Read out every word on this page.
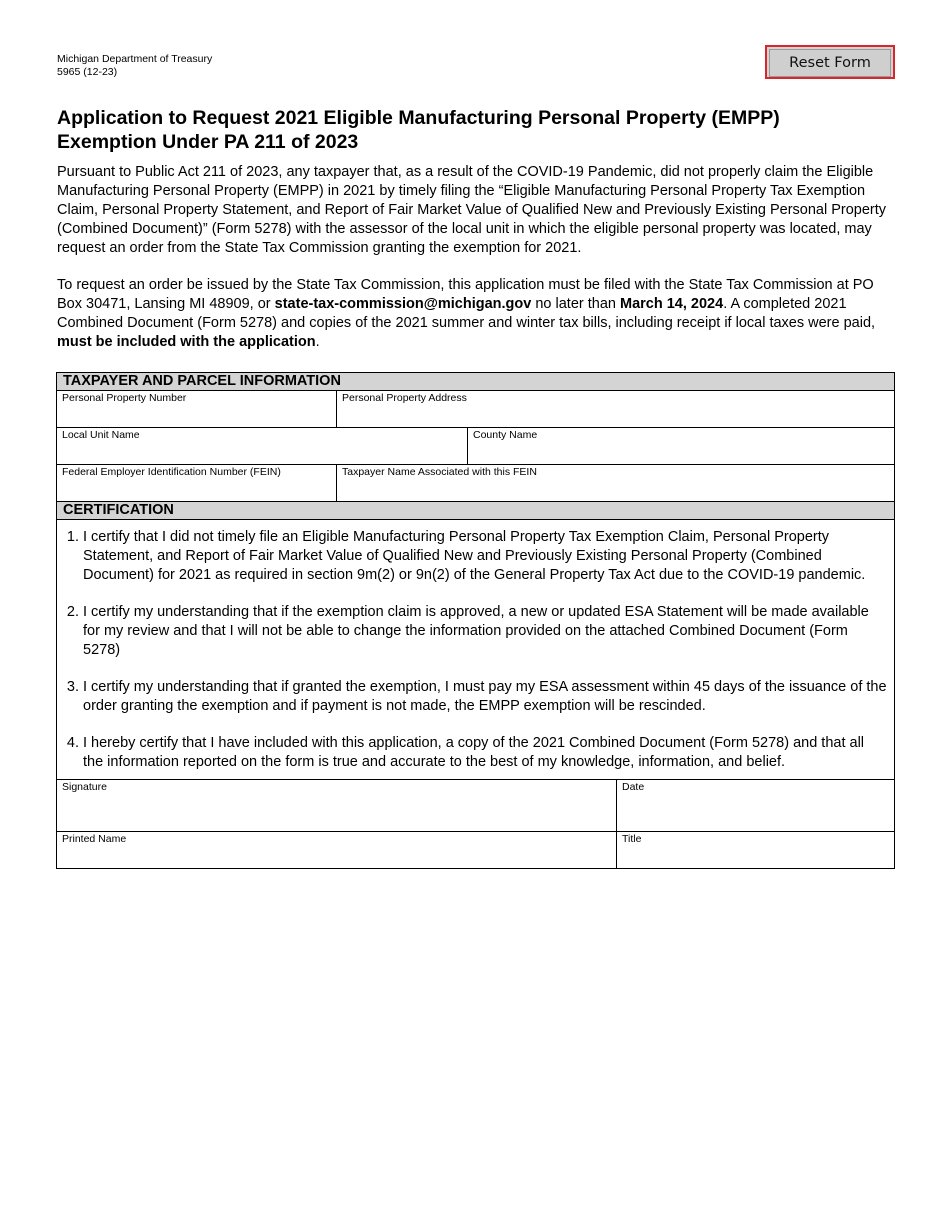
Michigan Department of Treasury
5965 (12-23)
Reset Form
Application to Request 2021 Eligible Manufacturing Personal Property (EMPP)
Exemption Under PA 211 of 2023

Pursuant to Public Act 211 of 2023, any taxpayer that, as a result of the COVID-19 Pandemic, did not properly claim the Eligible Manufacturing Personal Property (EMPP) in 2021 by timely filing the “Eligible Manufacturing Personal Property Tax Exemption Claim, Personal Property Statement, and Report of Fair Market Value of Qualified New and Previously Existing Personal Property (Combined Document)” (Form 5278) with the assessor of the local unit in which the eligible personal property was located, may request an order from the State Tax Commission granting the exemption for 2021.

To request an order be issued by the State Tax Commission, this application must be filed with the State Tax Commission at PO Box 30471, Lansing MI 48909, or state-tax-commission@michigan.gov no later than March 14, 2024. A completed 2021 Combined Document (Form 5278) and copies of the 2021 summer and winter tax bills, including receipt if local taxes were paid, must be included with the application.

TAXPAYER AND PARCEL INFORMATION
Personal Property Number	Personal Property Address
Local Unit Name	County Name
Federal Employer Identification Number (FEIN)	Taxpayer Name Associated with this FEIN
CERTIFICATION
1. I certify that I did not timely file an Eligible Manufacturing Personal Property Tax Exemption Claim, Personal Property Statement, and Report of Fair Market Value of Qualified New and Previously Existing Personal Property (Combined Document) for 2021 as required in section 9m(2) or 9n(2) of the General Property Tax Act due to the COVID-19 pandemic.
2. I certify my understanding that if the exemption claim is approved, a new or updated ESA Statement will be made available for my review and that I will not be able to change the information provided on the attached Combined Document (Form 5278)
3. I certify my understanding that if granted the exemption, I must pay my ESA assessment within 45 days of the issuance of the order granting the exemption and if payment is not made, the EMPP exemption will be rescinded.
4. I hereby certify that I have included with this application, a copy of the 2021 Combined Document (Form 5278) and that all the information reported on the form is true and accurate to the best of my knowledge, information, and belief.
Signature	Date
Printed Name	Title
